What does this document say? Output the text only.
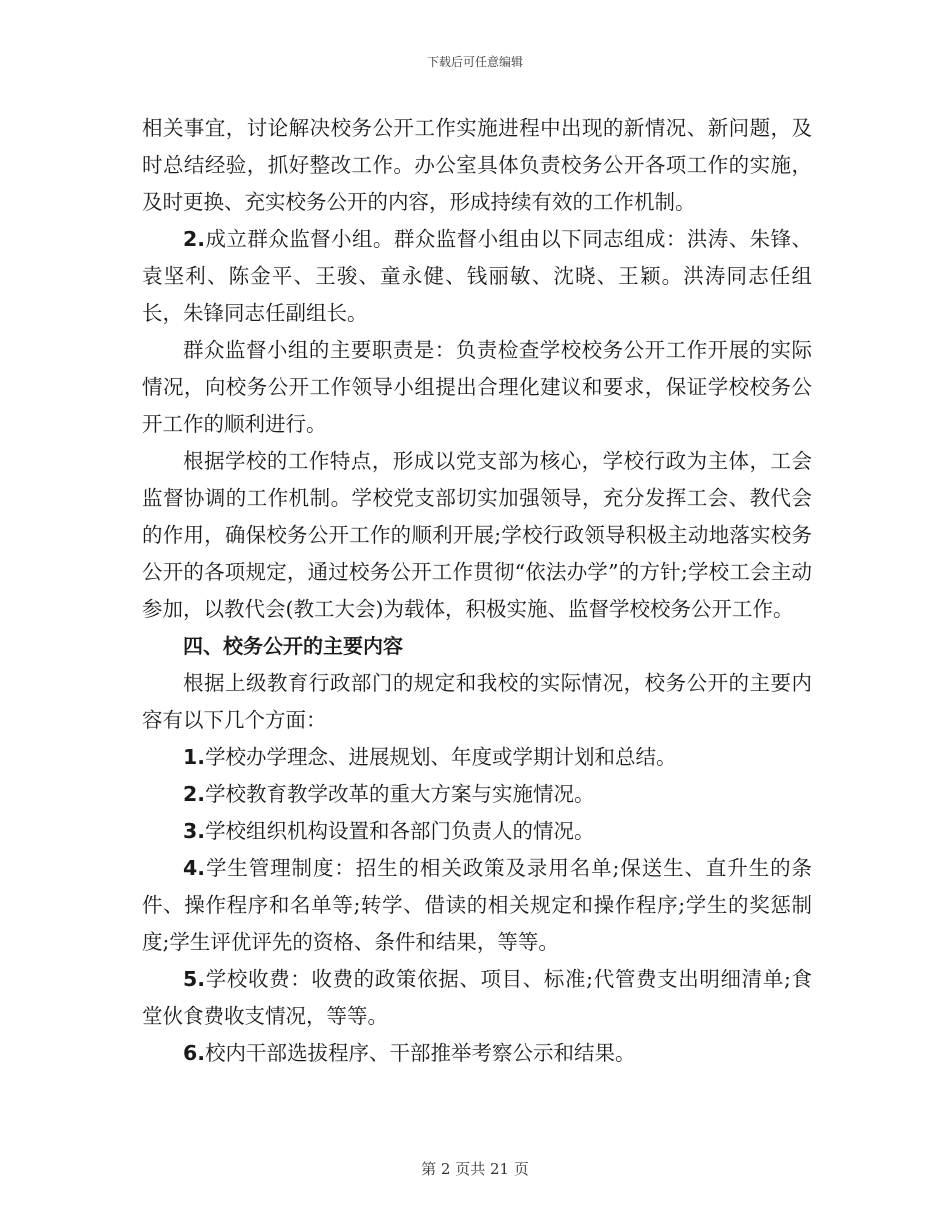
下载后可任意编辑

相关事宜，讨论解决校务公开工作实施进程中出现的新情况、新问题，及时总结经验，抓好整改工作。办公室具体负责校务公开各项工作的实施，及时更换、充实校务公开的内容，形成持续有效的工作机制。

2.成立群众监督小组。群众监督小组由以下同志组成：洪涛、朱锋、袁坚利、陈金平、王骏、童永健、钱丽敏、沈晓、王颖。洪涛同志任组长，朱锋同志任副组长。

群众监督小组的主要职责是：负责检查学校校务公开工作开展的实际情况，向校务公开工作领导小组提出合理化建议和要求，保证学校校务公开工作的顺利进行。

根据学校的工作特点，形成以党支部为核心，学校行政为主体，工会监督协调的工作机制。学校党支部切实加强领导，充分发挥工会、教代会的作用，确保校务公开工作的顺利开展;学校行政领导积极主动地落实校务公开的各项规定，通过校务公开工作贯彻“依法办学”的方针;学校工会主动参加，以教代会(教工大会)为载体，积极实施、监督学校校务公开工作。

四、校务公开的主要内容

根据上级教育行政部门的规定和我校的实际情况，校务公开的主要内容有以下几个方面：

1.学校办学理念、进展规划、年度或学期计划和总结。

2.学校教育教学改革的重大方案与实施情况。

3.学校组织机构设置和各部门负责人的情况。

4.学生管理制度：招生的相关政策及录用名单;保送生、直升生的条件、操作程序和名单等;转学、借读的相关规定和操作程序;学生的奖惩制度;学生评优评先的资格、条件和结果，等等。

5.学校收费：收费的政策依据、项目、标准;代管费支出明细清单;食堂伙食费收支情况，等等。

6.校内干部选拔程序、干部推举考察公示和结果。

第 2 页共 21 页
